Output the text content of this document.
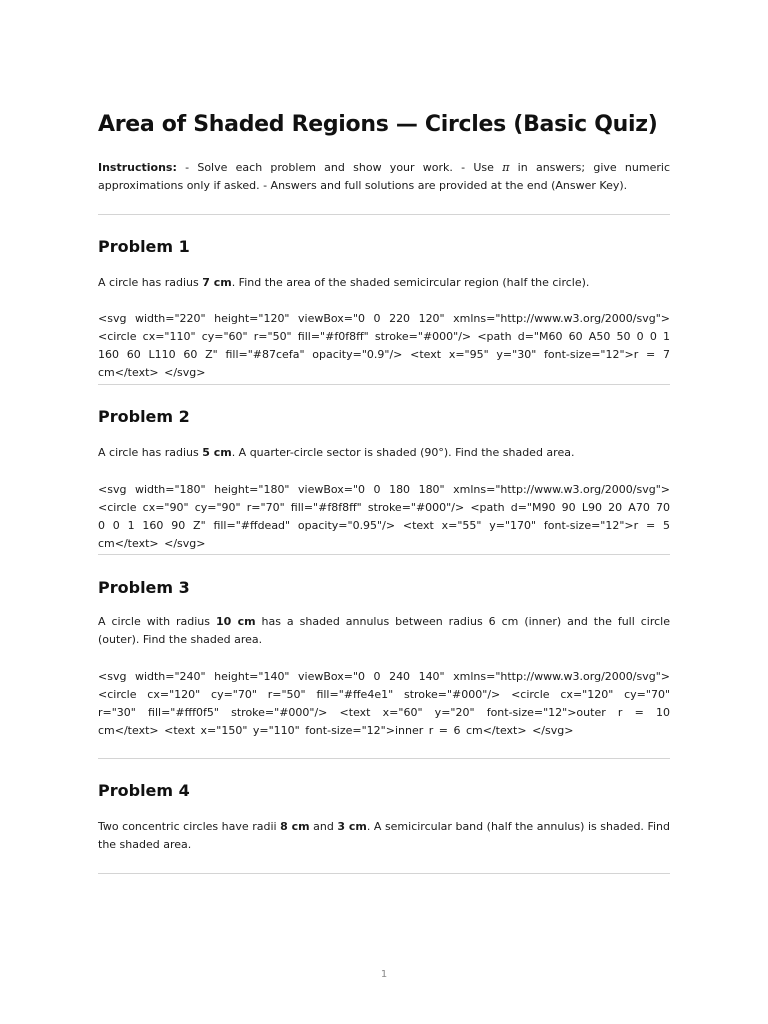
Area of Shaded Regions — Circles (Basic Quiz)

Instructions: - Solve each problem and show your work. - Use π in answers; give numeric approximations only if asked. - Answers and full solutions are provided at the end (Answer Key).

Problem 1

A circle has radius 7 cm. Find the area of the shaded semicircular region (half the circle).

<svg width="220" height="120" viewBox="0 0 220 120" xmlns="http://www.w3.org/2000/svg"> <circle cx="110" cy="60" r="50" fill="#f0f8ff" stroke="#000"/> <path d="M60 60 A50 50 0 0 1 160 60 L110 60 Z" fill="#87cefa" opacity="0.9"/> <text x="95" y="30" font-size="12">r = 7 cm</text> </svg>

Problem 2

A circle has radius 5 cm. A quarter-circle sector is shaded (90°). Find the shaded area.

<svg width="180" height="180" viewBox="0 0 180 180" xmlns="http://www.w3.org/2000/svg"> <circle cx="90" cy="90" r="70" fill="#f8f8ff" stroke="#000"/> <path d="M90 90 L90 20 A70 70 0 0 1 160 90 Z" fill="#ffdead" opacity="0.95"/> <text x="55" y="170" font-size="12">r = 5 cm</text> </svg>

Problem 3

A circle with radius 10 cm has a shaded annulus between radius 6 cm (inner) and the full circle (outer). Find the shaded area.

<svg width="240" height="140" viewBox="0 0 240 140" xmlns="http://www.w3.org/2000/svg"> <circle cx="120" cy="70" r="50" fill="#ffe4e1" stroke="#000"/> <circle cx="120" cy="70" r="30" fill="#fff0f5" stroke="#000"/> <text x="60" y="20" font-size="12">outer r = 10 cm</text> <text x="150" y="110" font-size="12">inner r = 6 cm</text> </svg>

Problem 4

Two concentric circles have radii 8 cm and 3 cm. A semicircular band (half the annulus) is shaded. Find the shaded area.

1
